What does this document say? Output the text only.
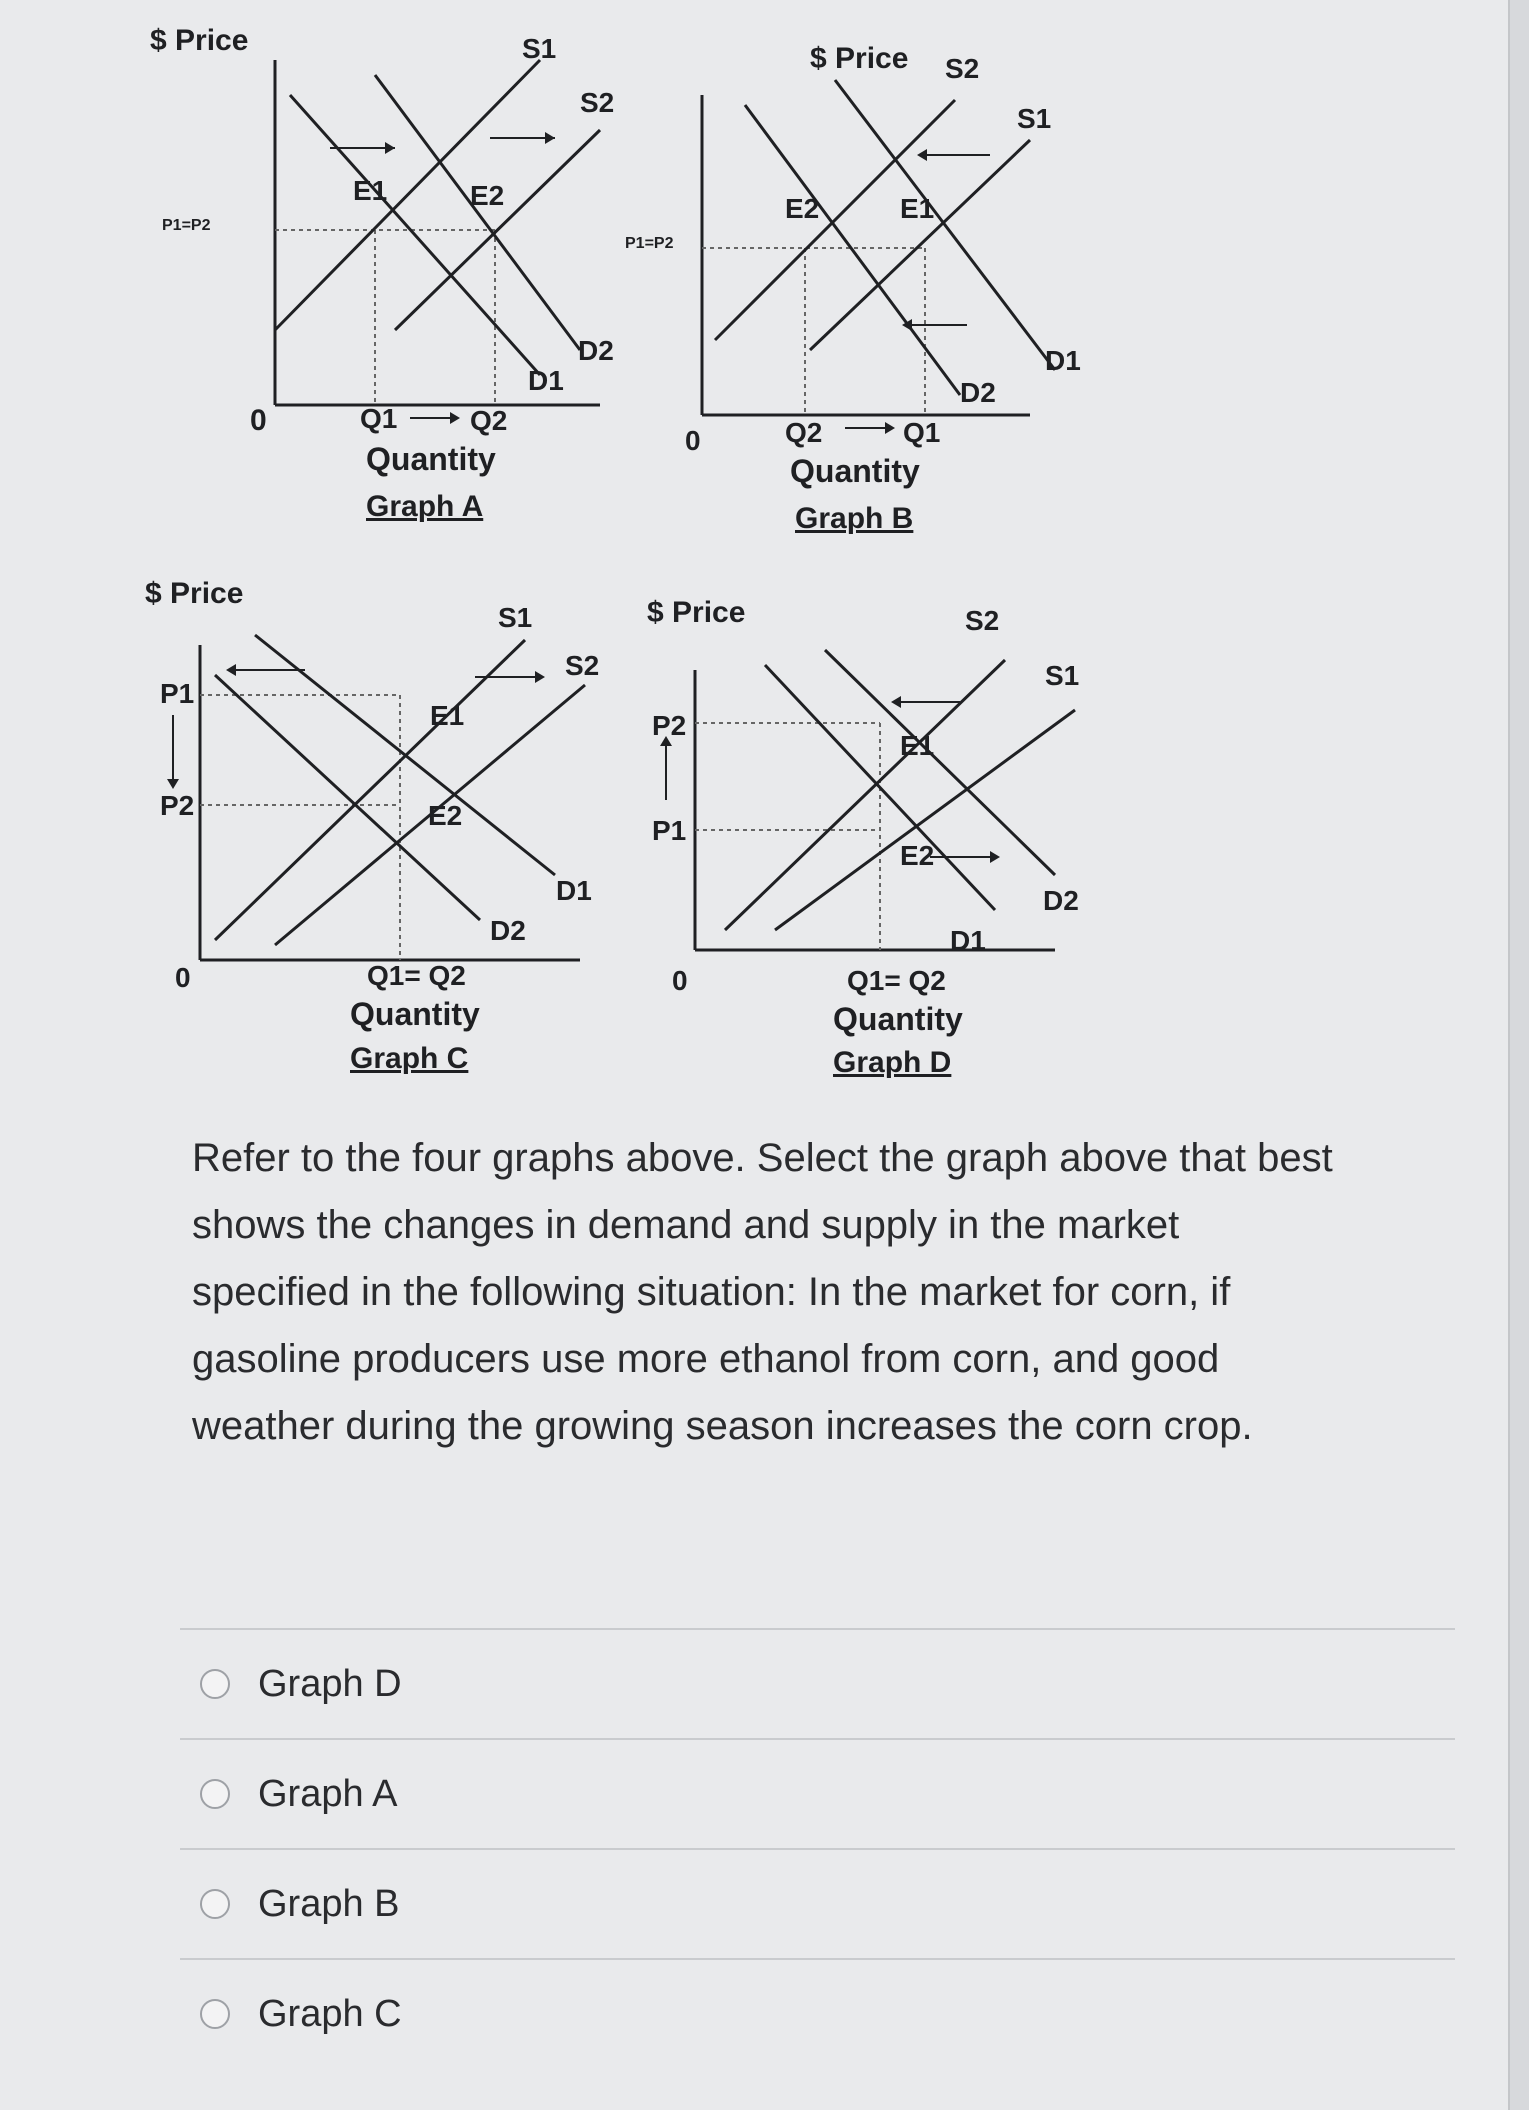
$ Price
P1=P2
0	Q1	Q2
Quantity
Graph A
S1
S2
D1
D2
E1	E2
$ Price
P1=P2
0	Q2	Q1
Quantity
Graph B
S2
S1
D1
D2
E2	E1
$ Price
P1
P2
0	Q1= Q2
Quantity
Graph C
S1
S2
D1
D2
E1
E2
$ Price
P2
P1
0	Q1= Q2
Quantity
Graph D
S2
S1
D2
D1
E1
E2
Refer to the four graphs above. Select the graph above that best
shows the changes in demand and supply in the market
specified in the following situation: In the market for corn, if
gasoline producers use more ethanol from corn, and good
weather during the growing season increases the corn crop.
Graph D
Graph A
Graph B
Graph C
